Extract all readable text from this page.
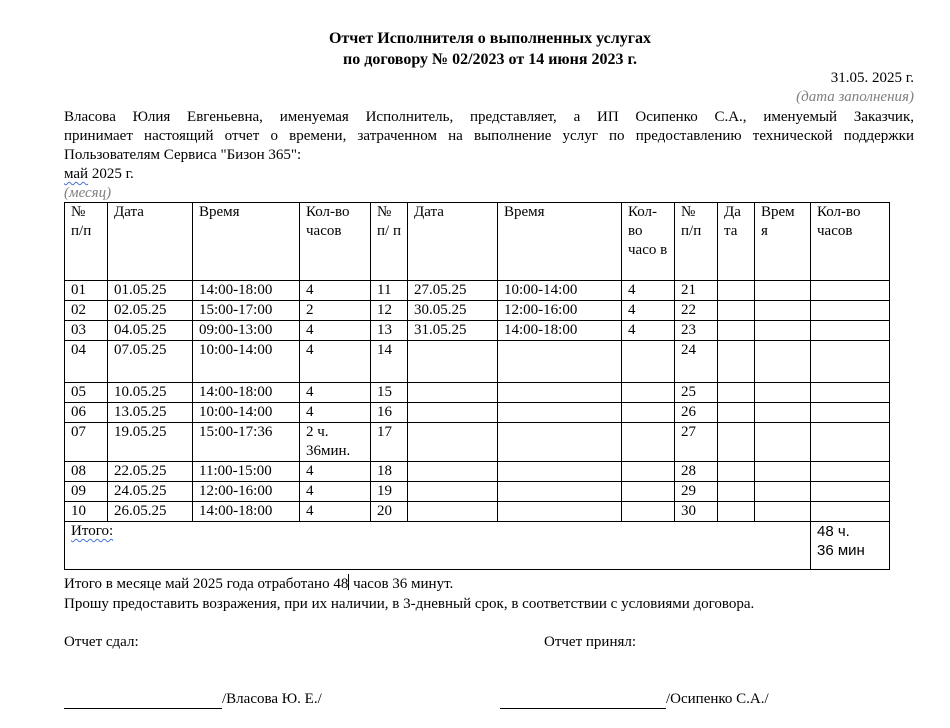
Отчет Исполнителя о выполненных услугах
по договору № 02/2023 от 14 июня 2023 г.
31.05. 2025 г.
(дата заполнения)
Власова Юлия Евгеньевна, именуемая Исполнитель, представляет, а ИП Осипенко С.А., именуемый Заказчик,
принимает настоящий отчет о времени, затраченном на выполнение услуг по предоставлению технической поддержки
Пользователям Сервиса "Бизон 365":
май 2025 г.
(месяц)
№ п/п	Дата	Время	Кол-во часов	№ п/ п	Дата	Время	Кол- во часо в	№ п/п	Да та	Врем я	Кол-во часов
01	01.05.25	14:00-18:00	4	11	27.05.25	10:00-14:00	4	21			
02	02.05.25	15:00-17:00	2	12	30.05.25	12:00-16:00	4	22			
03	04.05.25	09:00-13:00	4	13	31.05.25	14:00-18:00	4	23			
04	07.05.25	10:00-14:00	4	14				24			
05	10.05.25	14:00-18:00	4	15				25			
06	13.05.25	10:00-14:00	4	16				26			
07	19.05.25	15:00-17:36	2 ч. 36мин.	17				27			
08	22.05.25	11:00-15:00	4	18				28			
09	24.05.25	12:00-16:00	4	19				29			
10	26.05.25	14:00-18:00	4	20				30			
Итого:											48 ч.
36 мин
Итого в месяце май 2025 года отработано 48 часов 36 минут.
Прошу предоставить возражения, при их наличии, в 3-дневный срок, в соответствии с условиями договора.
Отчет сдал:	Отчет принял:
/Власова Ю. Е./	/Осипенко С.А./
